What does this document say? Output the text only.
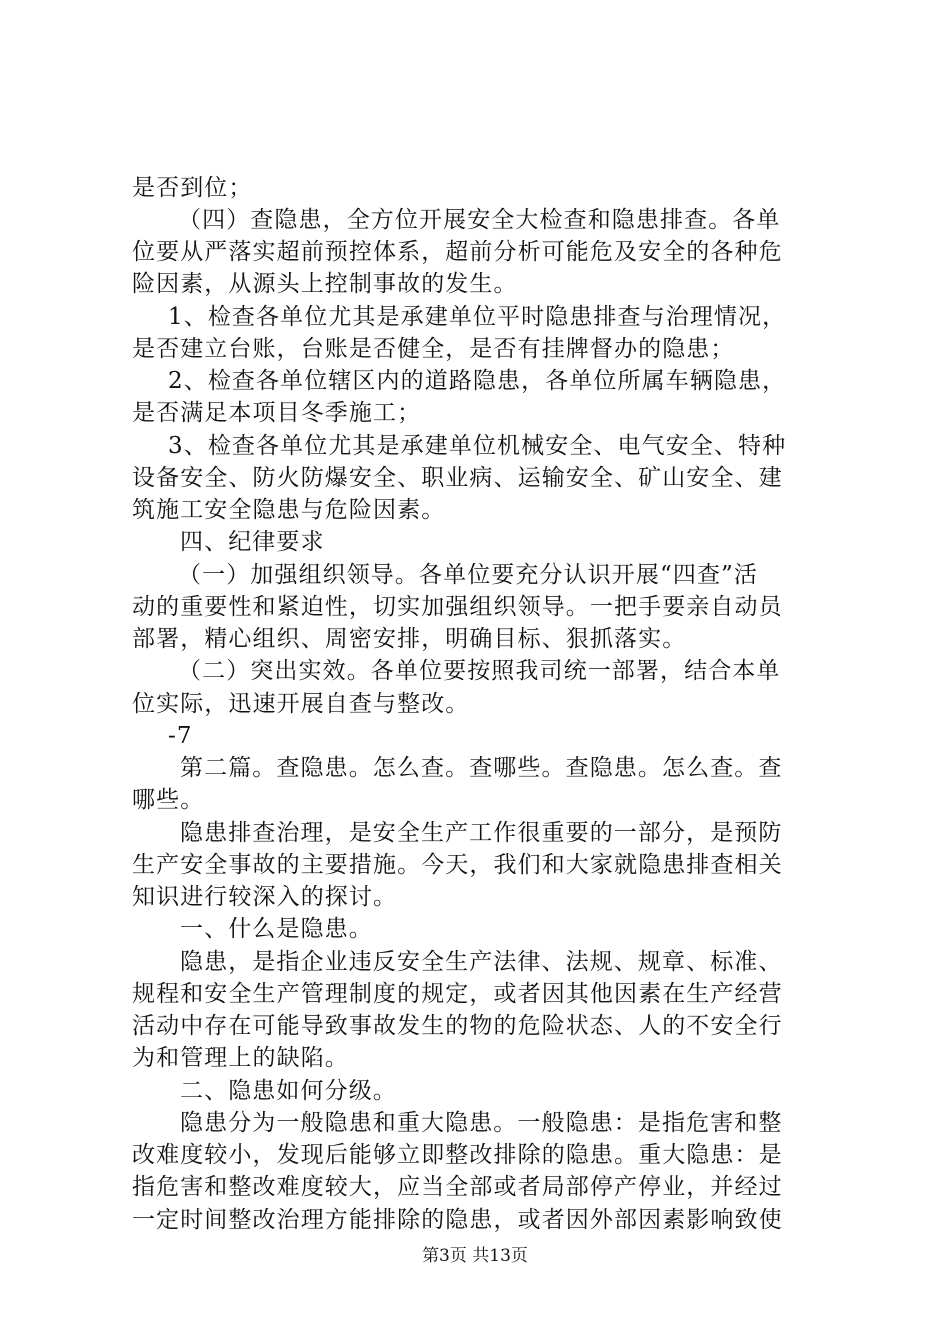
是否到位；
（四）查隐患，全方位开展安全大检查和隐患排查。各单
位要从严落实超前预控体系，超前分析可能危及安全的各种危
险因素，从源头上控制事故的发生。
1、检查各单位尤其是承建单位平时隐患排查与治理情况，
是否建立台账，台账是否健全，是否有挂牌督办的隐患；
2、检查各单位辖区内的道路隐患，各单位所属车辆隐患，
是否满足本项目冬季施工；
3、检查各单位尤其是承建单位机械安全、电气安全、特种
设备安全、防火防爆安全、职业病、运输安全、矿山安全、建
筑施工安全隐患与危险因素。
四、纪律要求
（一）加强组织领导。各单位要充分认识开展“四查”活
动的重要性和紧迫性，切实加强组织领导。一把手要亲自动员
部署，精心组织、周密安排，明确目标、狠抓落实。
（二）突出实效。各单位要按照我司统一部署，结合本单
位实际，迅速开展自查与整改。
-7
第二篇。查隐患。怎么查。查哪些。查隐患。怎么查。查
哪些。
隐患排查治理，是安全生产工作很重要的一部分，是预防
生产安全事故的主要措施。今天，我们和大家就隐患排查相关
知识进行较深入的探讨。
一、什么是隐患。
隐患，是指企业违反安全生产法律、法规、规章、标准、
规程和安全生产管理制度的规定，或者因其他因素在生产经营
活动中存在可能导致事故发生的物的危险状态、人的不安全行
为和管理上的缺陷。
二、隐患如何分级。
隐患分为一般隐患和重大隐患。一般隐患：是指危害和整
改难度较小，发现后能够立即整改排除的隐患。重大隐患：是
指危害和整改难度较大，应当全部或者局部停产停业，并经过
一定时间整改治理方能排除的隐患，或者因外部因素影响致使
第3页 共13页
